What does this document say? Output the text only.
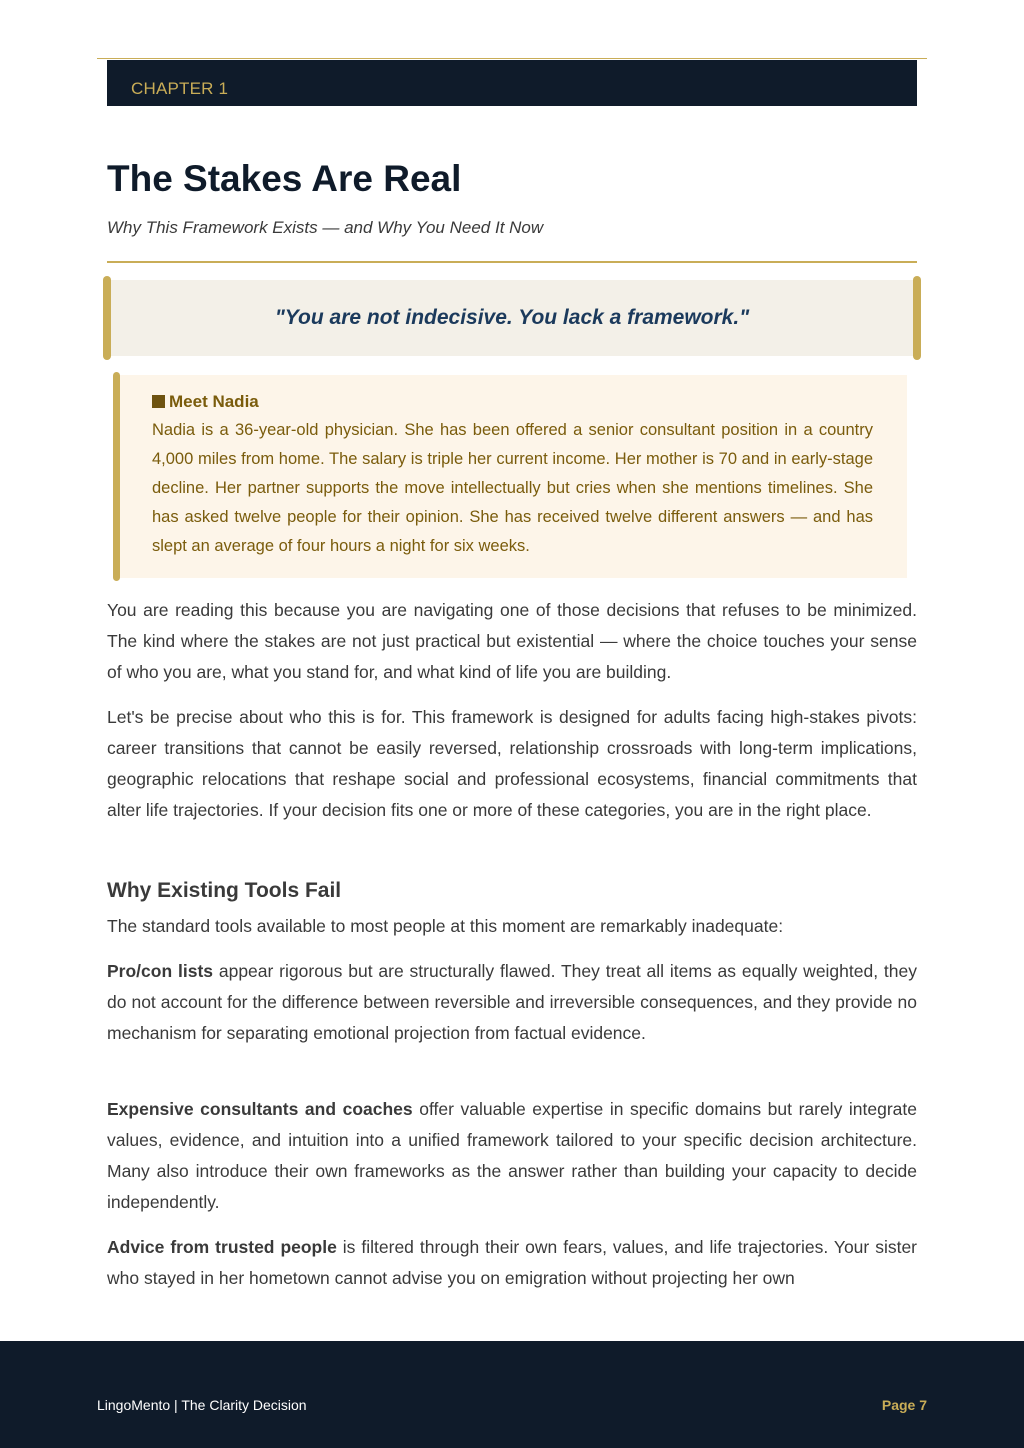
CHAPTER 1
The Stakes Are Real

Why This Framework Exists — and Why You Need It Now

"You are not indecisive. You lack a framework."
Meet Nadia

Nadia is a 36-year-old physician. She has been offered a senior consultant position in a country 4,000 miles from home. The salary is triple her current income. Her mother is 70 and in early-stage decline. Her partner supports the move intellectually but cries when she mentions timelines. She has asked twelve people for their opinion. She has received twelve different answers — and has slept an average of four hours a night for six weeks.

You are reading this because you are navigating one of those decisions that refuses to be minimized. The kind where the stakes are not just practical but existential — where the choice touches your sense of who you are, what you stand for, and what kind of life you are building.

Let's be precise about who this is for. This framework is designed for adults facing high-stakes pivots: career transitions that cannot be easily reversed, relationship crossroads with long-term implications, geographic relocations that reshape social and professional ecosystems, financial commitments that alter life trajectories. If your decision fits one or more of these categories, you are in the right place.

Why Existing Tools Fail

The standard tools available to most people at this moment are remarkably inadequate:

Pro/con lists appear rigorous but are structurally flawed. They treat all items as equally weighted, they do not account for the difference between reversible and irreversible consequences, and they provide no mechanism for separating emotional projection from factual evidence.

Expensive consultants and coaches offer valuable expertise in specific domains but rarely integrate values, evidence, and intuition into a unified framework tailored to your specific decision architecture. Many also introduce their own frameworks as the answer rather than building your capacity to decide independently.

Advice from trusted people is filtered through their own fears, values, and life trajectories. Your sister who stayed in her hometown cannot advise you on emigration without projecting her own

LingoMento | The Clarity Decision	Page 7
